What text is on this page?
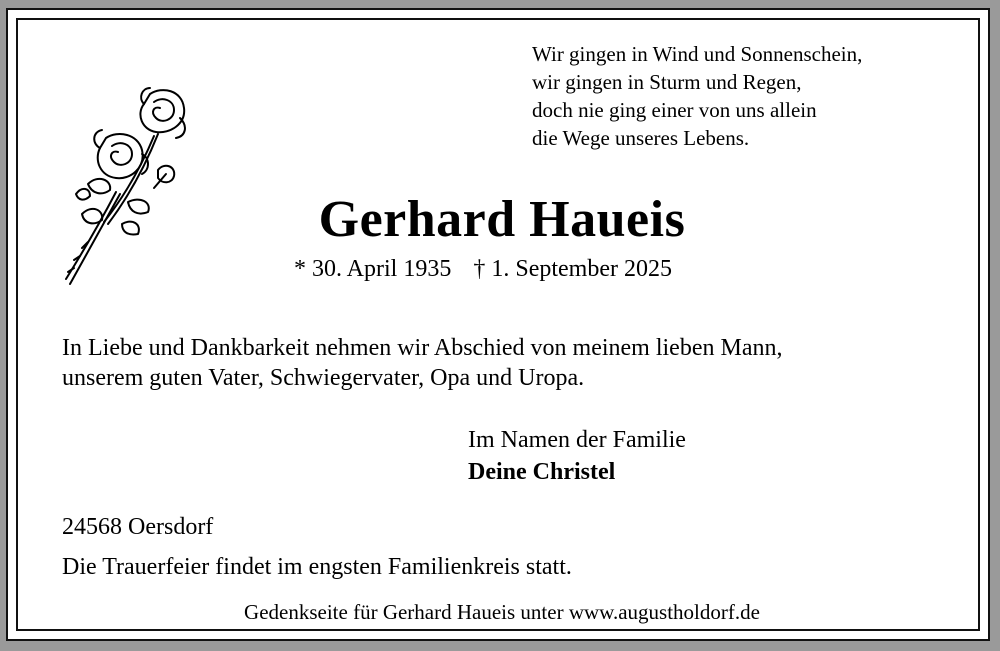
Wir gingen in Wind und Sonnenschein,
wir gingen in Sturm und Regen,
doch nie ging einer von uns allein
die Wege unseres Lebens.
Gerhard Haueis
* 30. April 1935 † 1. September 2025
In Liebe und Dankbarkeit nehmen wir Abschied von meinem lieben Mann,
unserem guten Vater, Schwiegervater, Opa und Uropa.
Im Namen der Familie
Deine Christel
24568 Oersdorf
Die Trauerfeier findet im engsten Familienkreis statt.
Gedenkseite für Gerhard Haueis unter www.augustholdorf.de
